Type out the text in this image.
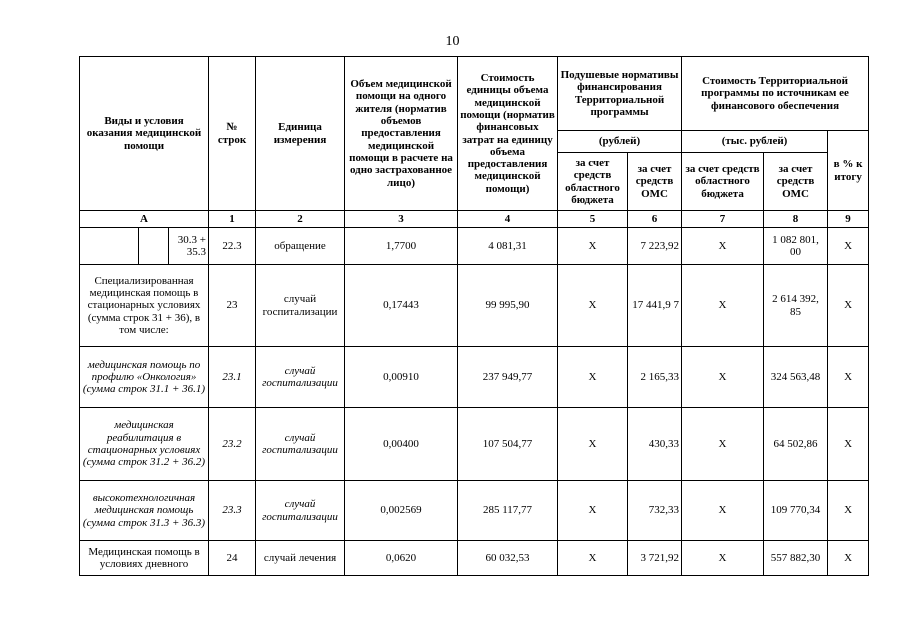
10
Виды и условия оказания медицинской помощи			№ строк	Единица измерения	Объем медицинской помощи на одного жителя (норматив объемов предоставления медицинской помощи в расчете на одно застрахованное лицо)	Стоимость единицы объема медицинской помощи (норматив финансовых затрат на единицу объема предоставления медицинской помощи)	Подушевые нормативы финансирования Территориальной программы		Стоимость Территориальной программы по источникам ее финансового обеспечения		
							(рублей)		(тыс. рублей)		в % к итогу
							за счет средств областного бюджета	за счет средств ОМС	за счет средств областного бюджета	за счет средств ОМС	
А			1	2	3	4	5	6	7	8	9
		30.3 + 35.3	22.3	обращение	1,7700	4 081,31	Х	7 223,92	Х	1 082 801, 00	Х
Специализированная медицинская помощь в стационарных условиях (сумма строк 31 + 36), в том числе:			23	случай госпитализации	0,17443	99 995,90	Х	17 441,9 7	Х	2 614 392, 85	Х
медицинская помощь по профилю «Онкология» (сумма строк 31.1 + 36.1)			23.1	случай госпитализации	0,00910	237 949,77	Х	2 165,33	Х	324 563,48	Х
медицинская реабилитация в стационарных условиях (сумма строк 31.2 + 36.2)			23.2	случай госпитализации	0,00400	107 504,77	Х	430,33	Х	64 502,86	Х
высокотехнологичная медицинская помощь (сумма строк 31.3 + 36.3)			23.3	случай госпитализации	0,002569	285 117,77	Х	732,33	Х	109 770,34	Х
Медицинская помощь в условиях дневного			24	случай лечения	0,0620	60 032,53	Х	3 721,92	Х	557 882,30	Х
